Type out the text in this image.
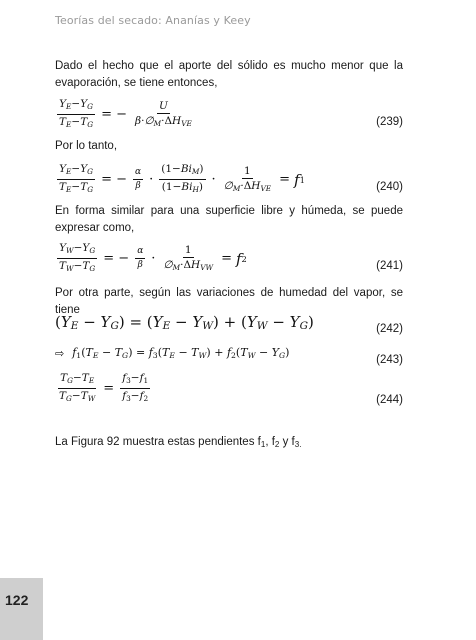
Teorías del secado: Ananías y Keey
122

Dado el hecho que el aporte del sólido es mucho menor que la evaporación, se tiene entonces,

$\frac{Y_E-Y_G}{T_E-T_G}$ = − $\frac{U}{\beta\cdot\emptyset_M\cdot\Delta H_{VE}}$	(239)

Por lo tanto,

$\frac{Y_E-Y_G}{T_E-T_G}$ = − $\frac{\alpha}{\beta} \cdot \frac{(1-Bi_M)}{(1-Bi_H)} \cdot \frac{1}{\emptyset_M\cdot\Delta H_{VE}} = f$ 1
(240)

En forma similar para una superficie libre y húmeda, se puede expresar como,

$\frac{Y_W-Y_G}{T_W-T_G}$ = − $\frac{\alpha}{\beta} \cdot \frac{1}{\emptyset_M\cdot\Delta H_{VW}} = f$ 2
(241)

Por otra parte, según las variaciones de humedad del vapor, se tiene

$(Y_E - Y_G) = (Y_E - Y_W) + (Y_W - Y_G)$	(242)
⇨ $f_1(T_E - T_G) = f_3(T_E - T_W) + f_2(T_W - Y_G)$
(243)
$\frac{T_G-T_E}{T_G-T_W} = \frac{f_3-f_1}{f_3-f_2}$	(244)

La Figura 92 muestra estas pendientes $f_1$, $f_2$ y $f_{3.}$
